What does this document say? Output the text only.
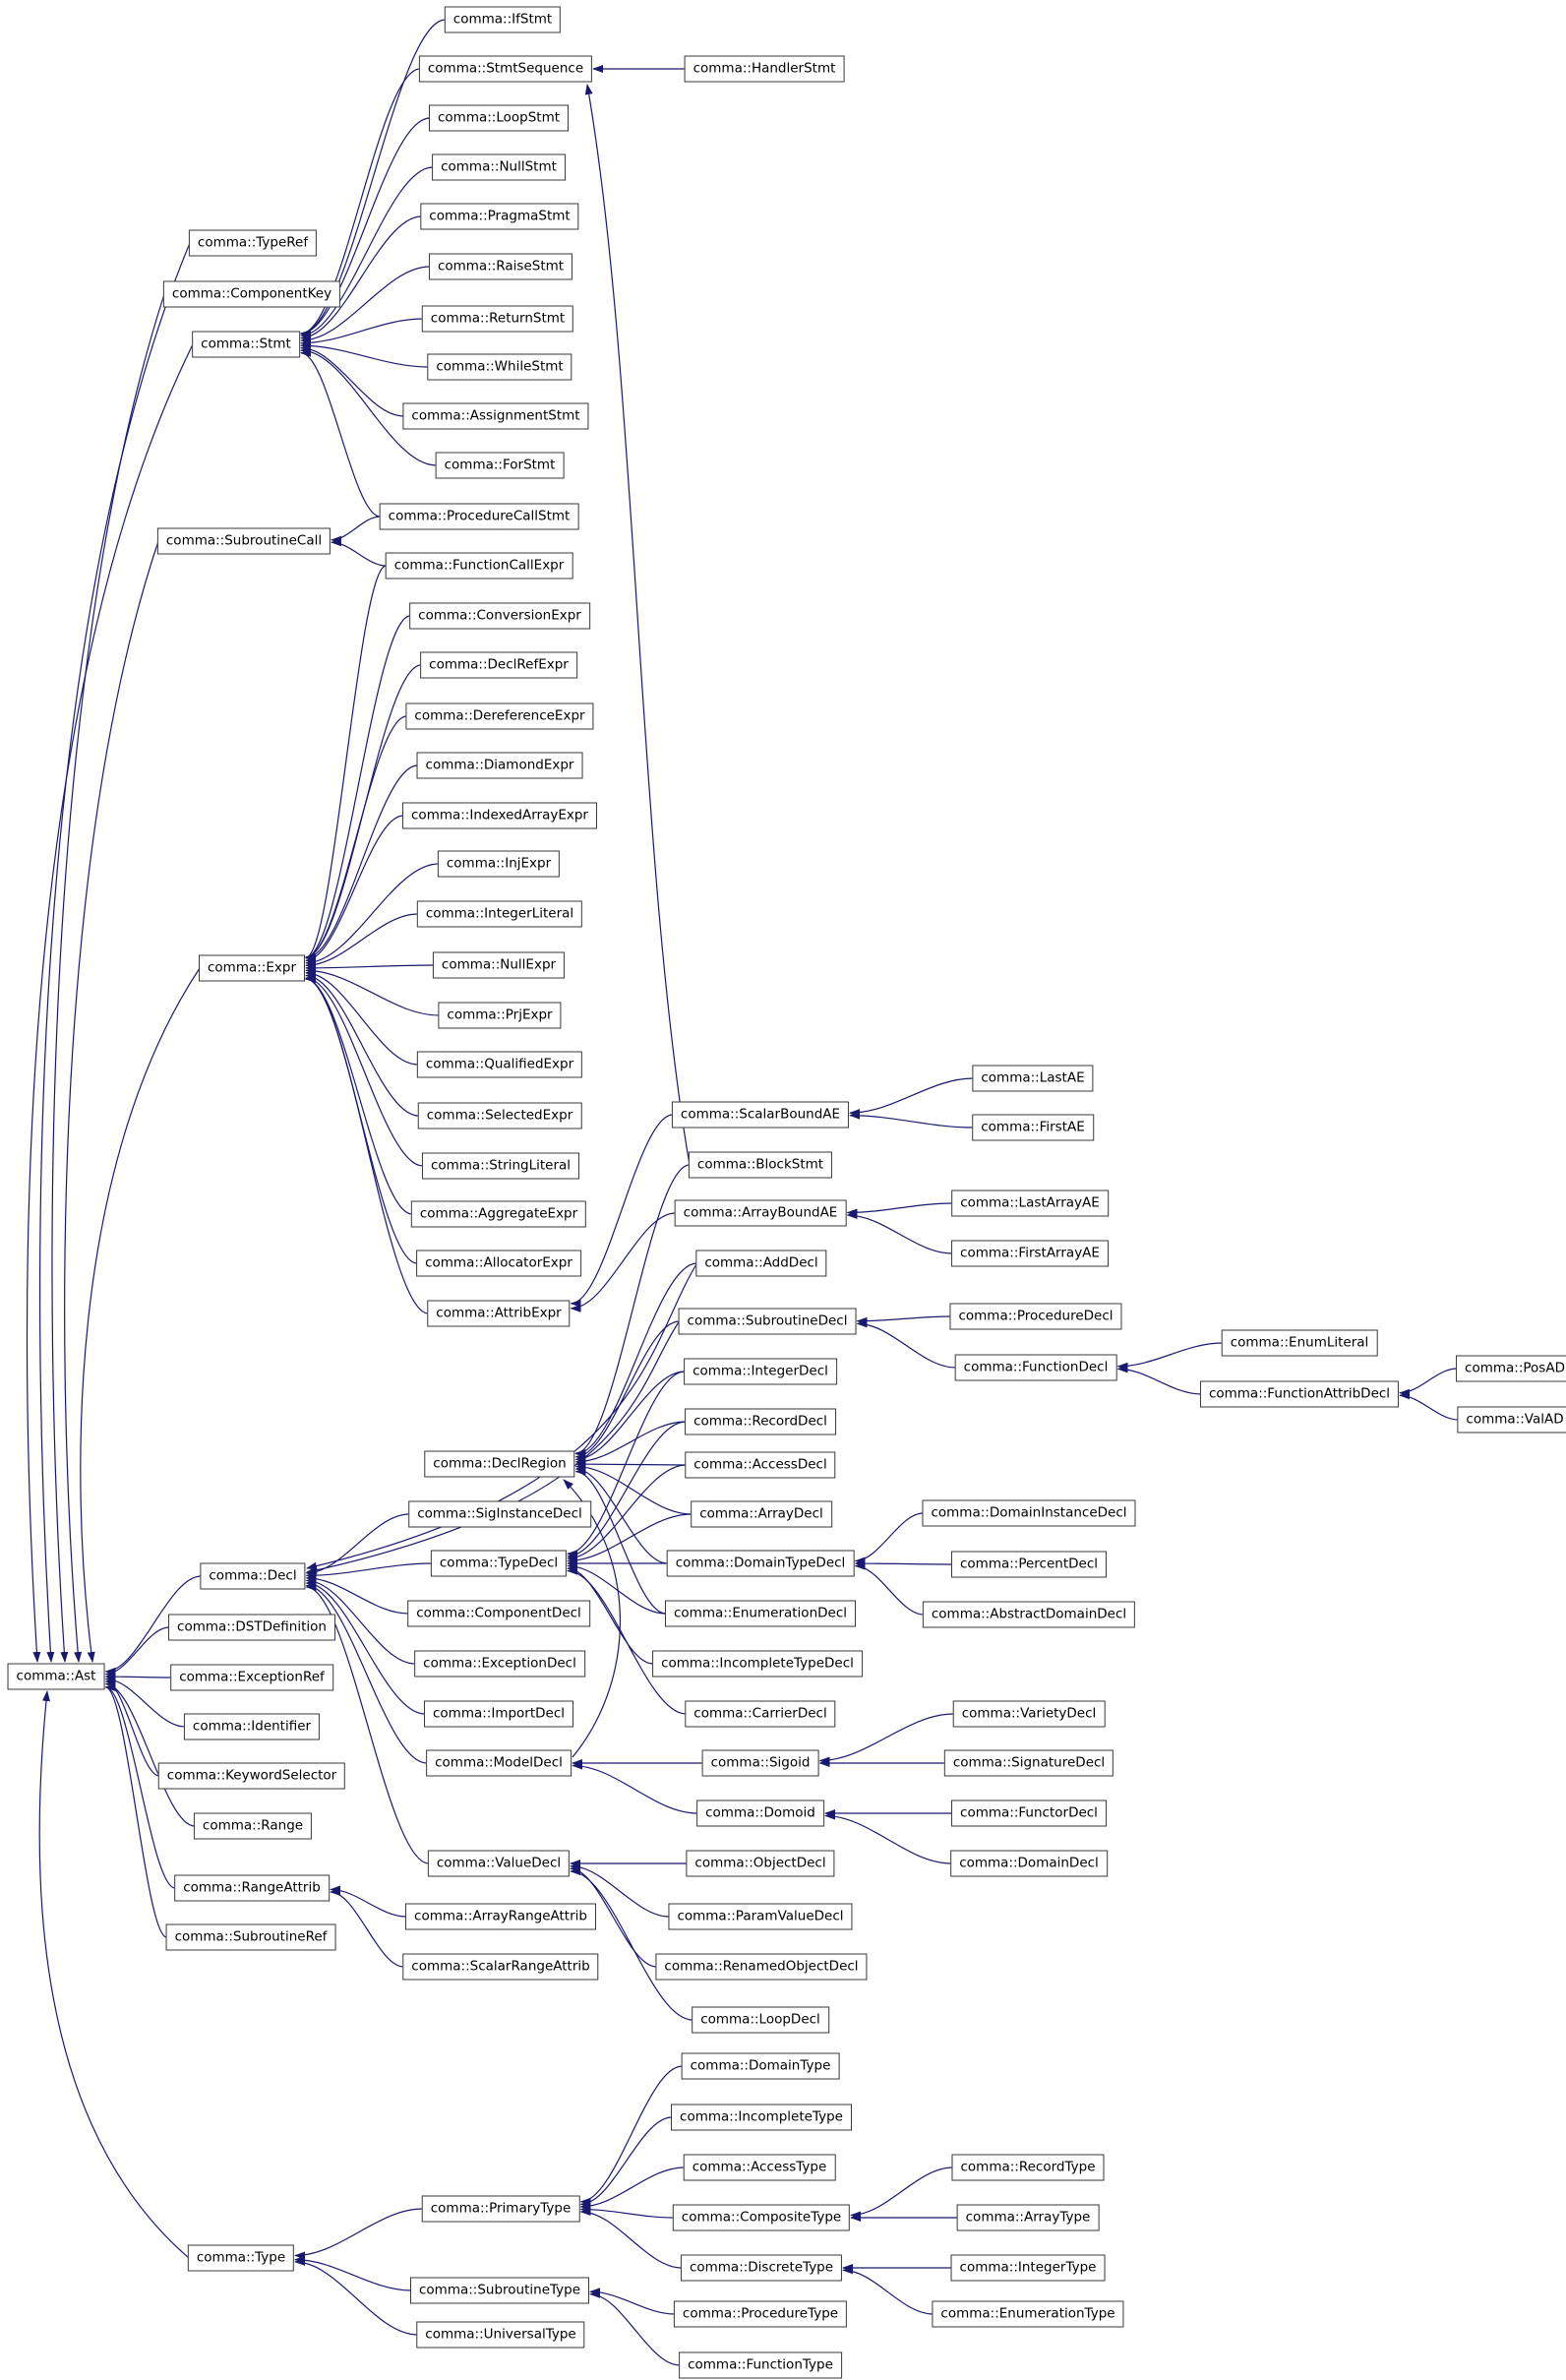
comma::IfStmt
comma::StmtSequence	comma::HandlerStmt
comma::LoopStmt
comma::NullStmt
comma::PragmaStmt
comma::TypeRef
comma::RaiseStmt
comma::ComponentKey
comma::ReturnStmt
comma::Stmt
comma::WhileStmt
comma::AssignmentStmt
comma::ForStmt
comma::ProcedureCallStmt
comma::SubroutineCall
comma::FunctionCallExpr
comma::ConversionExpr
comma::DeclRefExpr
comma::DereferenceExpr
comma::DiamondExpr
comma::IndexedArrayExpr
comma::InjExpr
comma::IntegerLiteral
comma::Expr	comma::NullExpr
comma::PrjExpr
comma::QualifiedExpr
comma::SelectedExpr
comma::StringLiteral
comma::AggregateExpr
comma::AllocatorExpr
comma::AttribExpr
comma::LastAE
comma::ScalarBoundAE
comma::FirstAE
comma::BlockStmt
comma::LastArrayAE
comma::ArrayBoundAE
comma::FirstArrayAE
comma::AddDecl
comma::ProcedureDecl
comma::SubroutineDecl
comma::FunctionDecl
comma::EnumLiteral
comma::PosAD
comma::FunctionAttribDecl
comma::ValAD
comma::IntegerDecl
comma::RecordDecl
comma::DeclRegion	comma::AccessDecl
comma::SigInstanceDecl	comma::ArrayDecl
comma::TypeDecl	comma::DomainTypeDecl
comma::DomainInstanceDecl
comma::PercentDecl
comma::AbstractDomainDecl
comma::ComponentDecl	comma::EnumerationDecl
comma::ExceptionDecl	comma::IncompleteTypeDecl
comma::ImportDecl	comma::CarrierDecl	comma::VarietyDecl
comma::Decl
comma::DSTDefinition
comma::Ast	comma::ExceptionRef
comma::Identifier
comma::KeywordSelector
comma::ModelDecl	comma::Sigoid	comma::SignatureDecl
comma::Domoid	comma::FunctorDecl
comma::Range
comma::RangeAttrib
comma::ValueDecl	comma::ObjectDecl	comma::DomainDecl
comma::SubroutineRef
comma::ArrayRangeAttrib	comma::ParamValueDecl
comma::ScalarRangeAttrib	comma::RenamedObjectDecl
comma::LoopDecl
comma::DomainType
comma::IncompleteType
comma::AccessType	comma::RecordType
comma::PrimaryType
comma::CompositeType	comma::ArrayType
comma::Type
comma::DiscreteType	comma::IntegerType
comma::SubroutineType
comma::EnumerationType
comma::UniversalType
comma::ProcedureType
comma::FunctionType
